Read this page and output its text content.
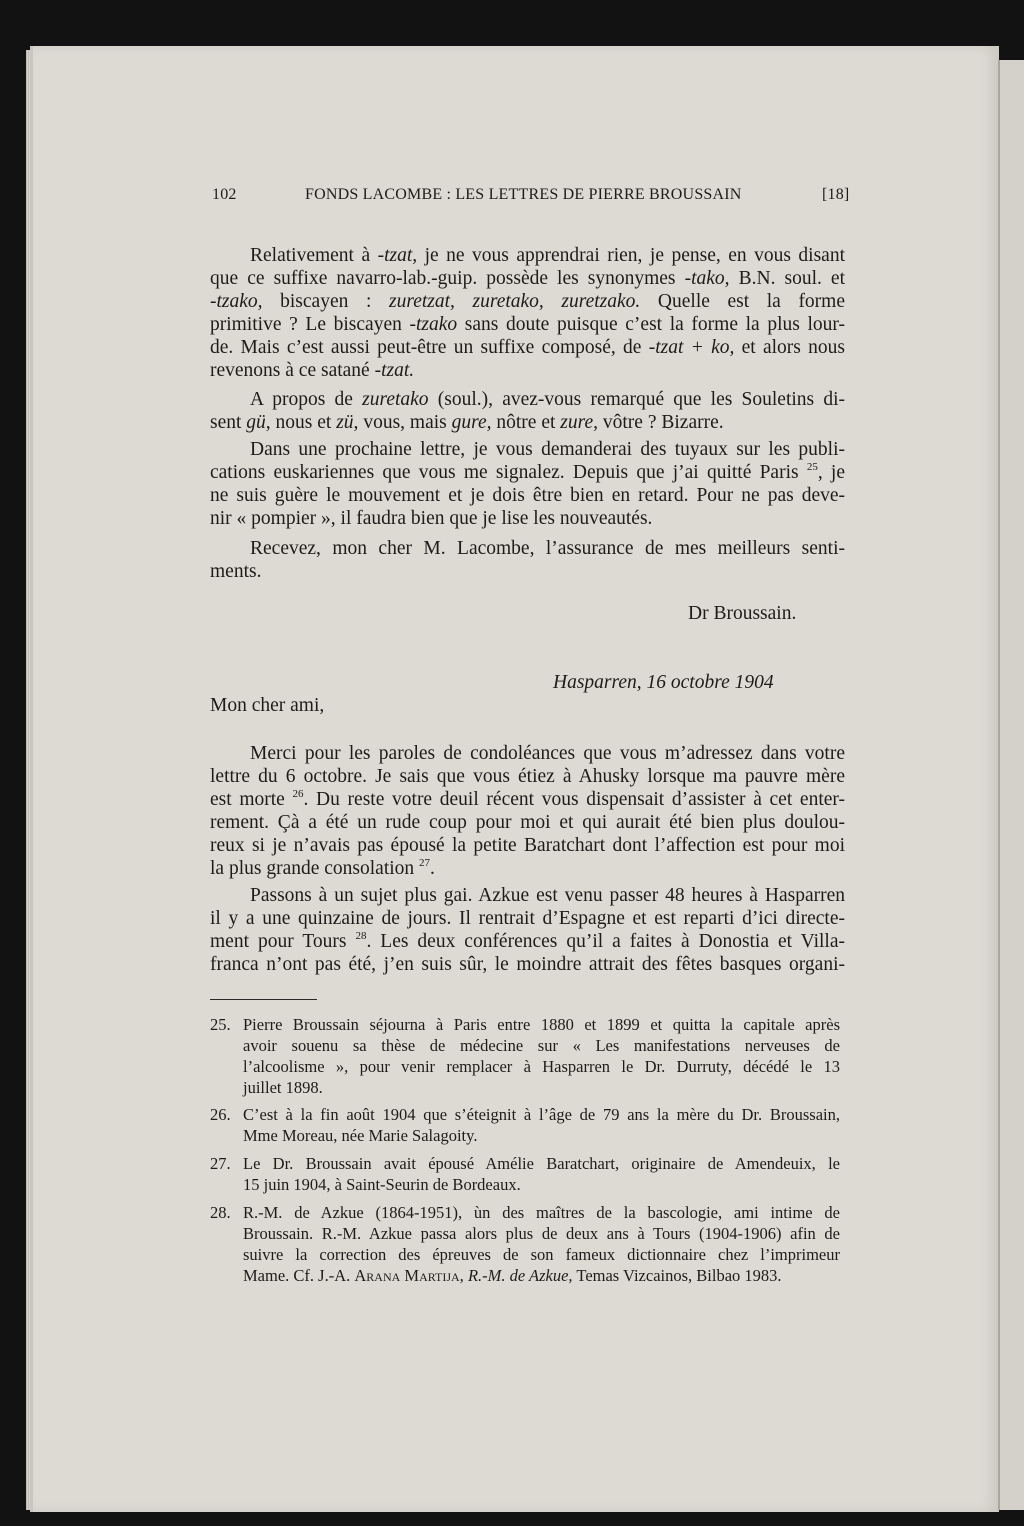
102	FONDS LACOMBE : LES LETTRES DE PIERRE BROUSSAIN	[18]
Relativement à -tzat, je ne vous apprendrai rien, je pense, en vous disant
que ce suffixe navarro-lab.-guip. possède les synonymes -tako, B.N. soul. et
-tzako, biscayen : zuretzat, zuretako, zuretzako. Quelle est la forme
primitive ? Le biscayen -tzako sans doute puisque c’est la forme la plus lour-
de. Mais c’est aussi peut-être un suffixe composé, de -tzat + ko, et alors nous
revenons à ce satané -tzat.
A propos de zuretako (soul.), avez-vous remarqué que les Souletins di-
sent gü, nous et zü, vous, mais gure, nôtre et zure, vôtre ? Bizarre.
Dans une prochaine lettre, je vous demanderai des tuyaux sur les publi-
cations euskariennes que vous me signalez. Depuis que j’ai quitté Paris $^{25}$, je
ne suis guère le mouvement et je dois être bien en retard. Pour ne pas deve-
nir « pompier », il faudra bien que je lise les nouveautés.
Recevez, mon cher M. Lacombe, l’assurance de mes meilleurs senti-
ments.
Merci pour les paroles de condoléances que vous m’adressez dans votre
lettre du 6 octobre. Je sais que vous étiez à Ahusky lorsque ma pauvre mère
est morte $^{26}$. Du reste votre deuil récent vous dispensait d’assister à cet enter-
rement. Çà a été un rude coup pour moi et qui aurait été bien plus doulou-
reux si je n’avais pas épousé la petite Baratchart dont l’affection est pour moi
la plus grande consolation $^{27}$.
Passons à un sujet plus gai. Azkue est venu passer 48 heures à Hasparren
il y a une quinzaine de jours. Il rentrait d’Espagne et est reparti d’ici directe-
ment pour Tours $^{28}$. Les deux conférences qu’il a faites à Donostia et Villa-
franca n’ont pas été, j’en suis sûr, le moindre attrait des fêtes basques organi-
Dr Broussain.
Hasparren, 16 octobre 1904
Mon cher ami,
25. Pierre Broussain séjourna à Paris entre 1880 et 1899 et quitta la capitale après
avoir souenu sa thèse de médecine sur « Les manifestations nerveuses de
l’alcoolisme », pour venir remplacer à Hasparren le Dr. Durruty, décédé le 13
juillet 1898.
26. C’est à la fin août 1904 que s’éteignit à l’âge de 79 ans la mère du Dr. Broussain,
Mme Moreau, née Marie Salagoity.
27. Le Dr. Broussain avait épousé Amélie Baratchart, originaire de Amendeuix, le
15 juin 1904, à Saint-Seurin de Bordeaux.
28. R.-M. de Azkue (1864-1951), ùn des maîtres de la bascologie, ami intime de
Broussain. R.-M. Azkue passa alors plus de deux ans à Tours (1904-1906) afin de
suivre la correction des épreuves de son fameux dictionnaire chez l’imprimeur
Mame. Cf. J.-A. Arana Martija, R.-M. de Azkue, Temas Vizcainos, Bilbao 1983.
